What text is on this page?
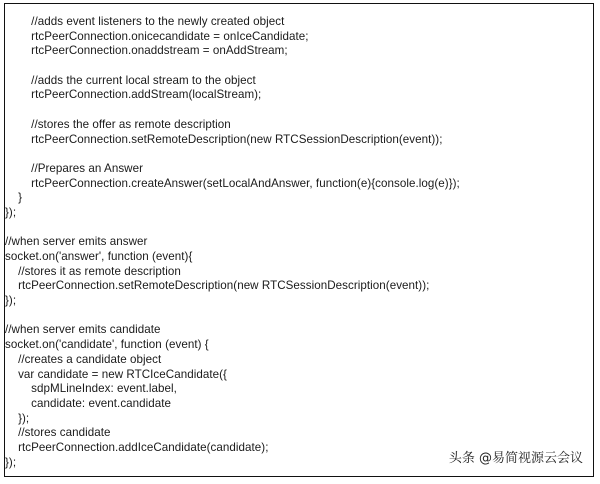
//adds event listeners to the newly created object
rtcPeerConnection.onicecandidate = onIceCandidate;
rtcPeerConnection.onaddstream = onAddStream;

//adds the current local stream to the object
rtcPeerConnection.addStream(localStream);

//stores the offer as remote description
rtcPeerConnection.setRemoteDescription(new RTCSessionDescription(event));

//Prepares an Answer
rtcPeerConnection.createAnswer(setLocalAndAnswer, function(e){console.log(e)});
}
});

//when server emits answer
socket.on('answer', function (event){
//stores it as remote description
rtcPeerConnection.setRemoteDescription(new RTCSessionDescription(event));
});

//when server emits candidate
socket.on('candidate', function (event) {
//creates a candidate object
var candidate = new RTCIceCandidate({
sdpMLineIndex: event.label,
candidate: event.candidate
});
//stores candidate
rtcPeerConnection.addIceCandidate(candidate);
});	头条 @易简视源云会议
